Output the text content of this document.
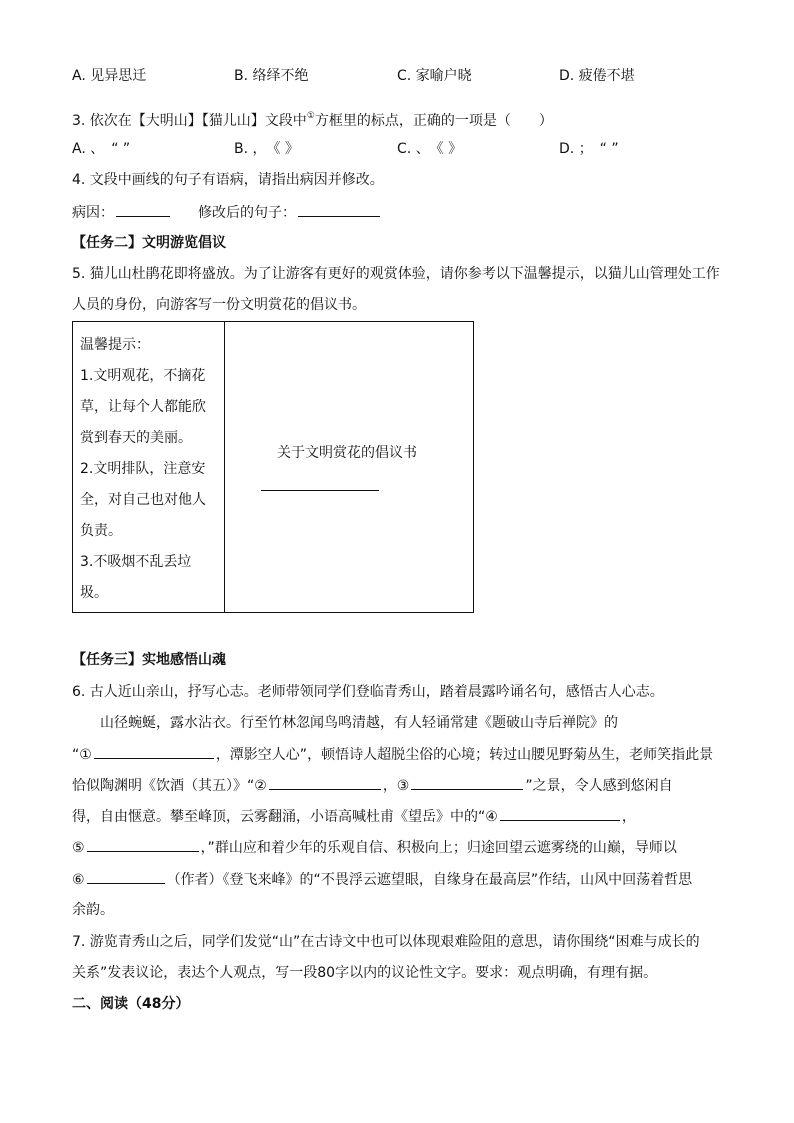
A. 见异思迁	B. 络绎不绝	C. 家喻户晓	D. 疲倦不堪
3. 依次在【大明山】【猫儿山】文段中①方框里的标点，正确的一项是（　　）
A. 、　“ ”	B. ，　《 》	C. 、　《 》	D. ；　“ ”
4. 文段中画线的句子有语病，请指出病因并修改。
病因：	修改后的句子：
【任务二】文明游览倡议
5. 猫儿山杜鹃花即将盛放。为了让游客有更好的观赏体验，请你参考以下温馨提示，以猫儿山管理处工作
人员的身份，向游客写一份文明赏花的倡议书。
温馨提示：
1.文明观花，不摘花
草，让每个人都能欣
赏到春天的美丽。
2.文明排队，注意安
全，对自己也对他人
负责。
3.不吸烟不乱丢垃
圾。

关于文明赏花的倡议书
【任务三】实地感悟山魂
6. 古人近山亲山，抒写心志。老师带领同学们登临青秀山，踏着晨露吟诵名句，感悟古人心志。
山径蜿蜒，露水沾衣。行至竹林忽闻鸟鸣清越，有人轻诵常建《题破山寺后禅院》的
“①	，潭影空人心”，顿悟诗人超脱尘俗的心境；转过山腰见野菊丛生，老师笑指此景
恰似陶渊明《饮酒（其五）》“②	，③	”之景，令人感到悠闲自
得，自由惬意。攀至峰顶，云雾翻涌，小语高喊杜甫《望岳》中的“④	，
⑤	，”群山应和着少年的乐观自信、积极向上；归途回望云遮雾绕的山巅，导师以
⑥	（作者）《登飞来峰》的“不畏浮云遮望眼，自缘身在最高层”作结，山风中回荡着哲思
余韵。
7. 游览青秀山之后，同学们发觉“山”在古诗文中也可以体现艰难险阻的意思，请你围绕“困难与成长的
关系”发表议论，表达个人观点，写一段80字以内的议论性文字。要求：观点明确，有理有据。
二、阅读（48分）
